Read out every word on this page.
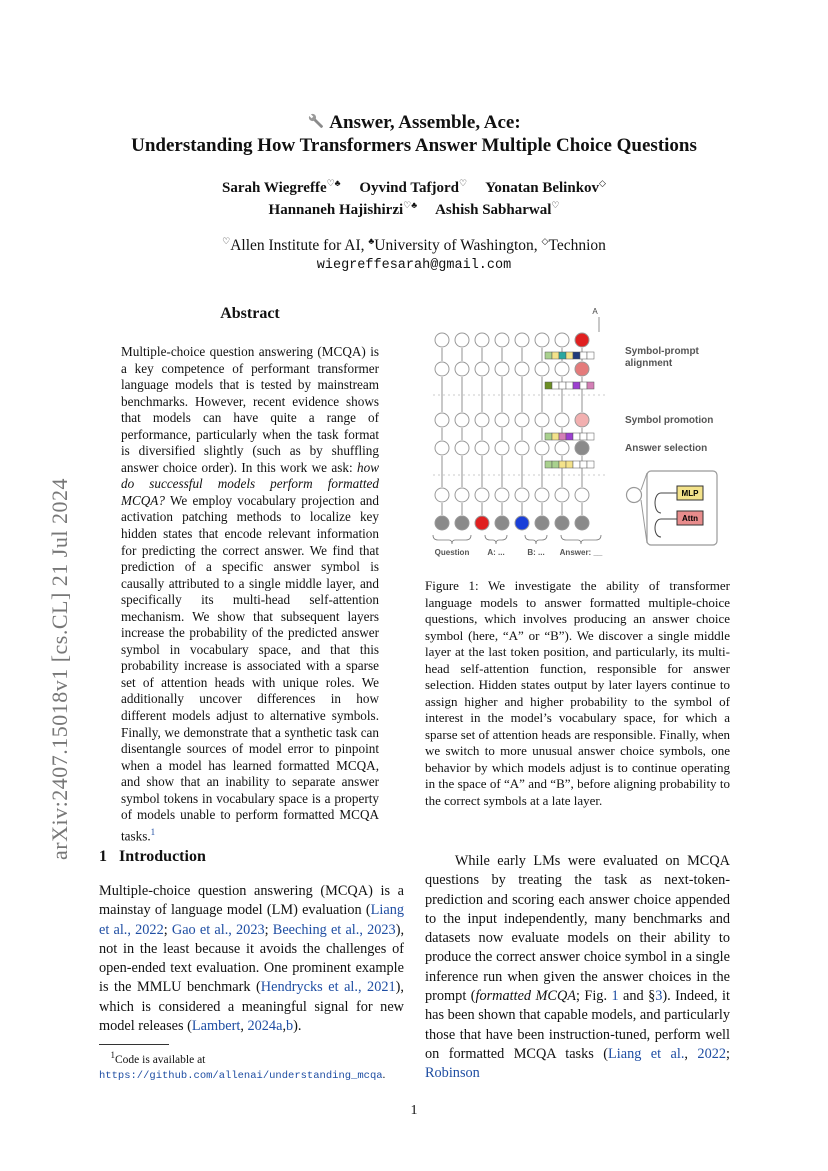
Answer, Assemble, Ace:
Understanding How Transformers Answer Multiple Choice Questions
Sarah Wiegreffe♡♣ Oyvind Tafjord♡ Yonatan Belinkov◇
Hannaneh Hajishirzi♡♣ Ashish Sabharwal♡
♡Allen Institute for AI, ♣University of Washington, ◇Technion
wiegreffesarah@gmail.com
arXiv:2407.15018v1 [cs.CL] 21 Jul 2024
Abstract
Multiple-choice question answering (MCQA) is a key competence of performant transformer language models that is tested by mainstream benchmarks. However, recent evidence shows that models can have quite a range of performance, particularly when the task format is diversified slightly (such as by shuffling answer choice order). In this work we ask: how do successful models perform formatted MCQA? We employ vocabulary projection and activation patching methods to localize key hidden states that encode relevant information for predicting the correct answer. We find that prediction of a specific answer symbol is causally attributed to a single middle layer, and specifically its multi-head self-attention mechanism. We show that subsequent layers increase the probability of the predicted answer symbol in vocabulary space, and that this probability increase is associated with a sparse set of attention heads with unique roles. We additionally uncover differences in how different models adjust to alternative symbols. Finally, we demonstrate that a synthetic task can disentangle sources of model error to pinpoint when a model has learned formatted MCQA, and show that an inability to separate answer symbol tokens in vocabulary space is a property of models unable to perform formatted MCQA tasks.$^1$
A
Symbol-prompt
alignment
Symbol promotion
Answer selection
MLP
Attn
Question A: ...	B: ... Answer: __
Figure 1: We investigate the ability of transformer language models to answer formatted multiple-choice questions, which involves producing an answer choice symbol (here, “A” or “B”). We discover a single middle layer at the last token position, and particularly, its multi-head self-attention function, responsible for answer selection. Hidden states output by later layers continue to assign higher and higher probability to the symbol of interest in the model’s vocabulary space, for which a sparse set of attention heads are responsible. Finally, when we switch to more unusual answer choice symbols, one behavior by which models adjust is to continue operating in the space of “A” and “B”, before aligning probability to the correct symbols at a late layer.
1 Introduction
Multiple-choice question answering (MCQA) is a mainstay of language model (LM) evaluation (Liang et al., 2022; Gao et al., 2023; Beeching et al., 2023), not in the least because it avoids the challenges of open-ended text evaluation. One prominent example is the MMLU benchmark (Hendrycks et al., 2021), which is considered a meaningful signal for new model releases (Lambert, 2024a,b).
$^1$Code is available at https://github.com/allenai/understanding_mcqa.
While early LMs were evaluated on MCQA questions by treating the task as next-token-prediction and scoring each answer choice appended to the input independently, many benchmarks and datasets now evaluate models on their ability to produce the correct answer choice symbol in a single inference run when given the answer choices in the prompt (formatted MCQA; Fig. 1 and §3). Indeed, it has been shown that capable models, and particularly those that have been instruction-tuned, perform well on formatted MCQA tasks (Liang et al., 2022; Robinson
1
